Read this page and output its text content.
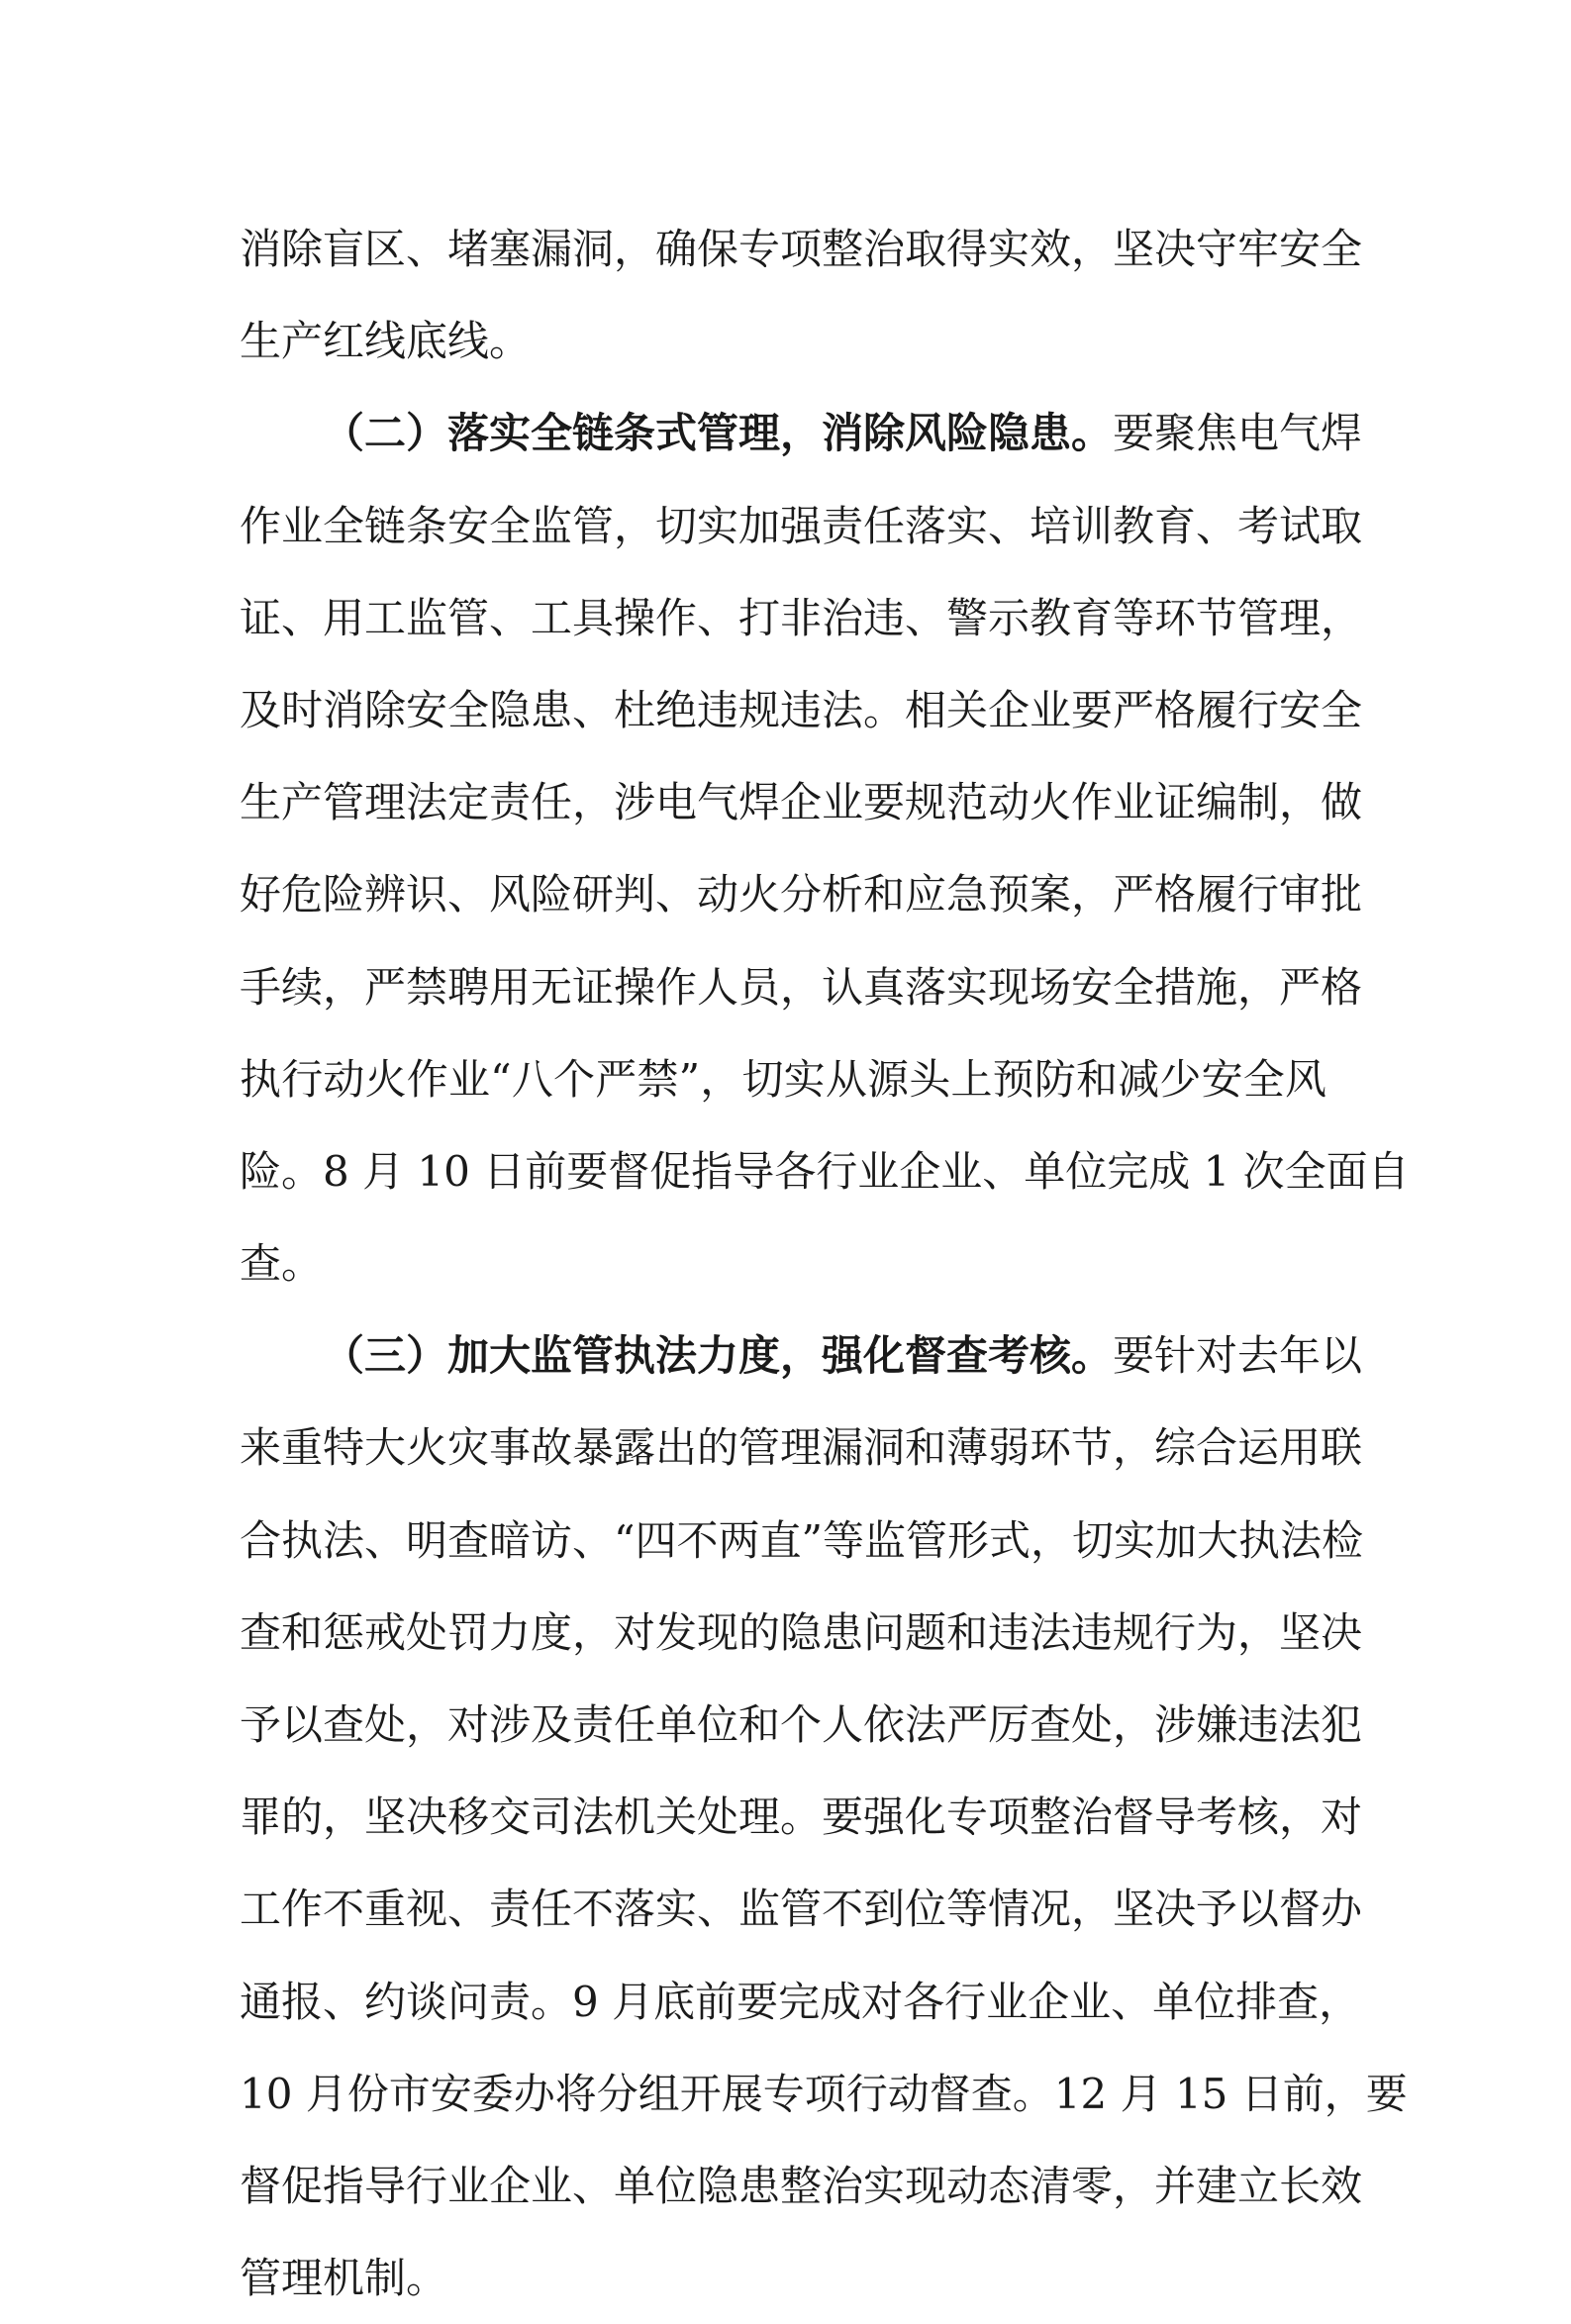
消除盲区、堵塞漏洞，确保专项整治取得实效，坚决守牢安全
生产红线底线。
（二）落实全链条式管理，消除风险隐患。要聚焦电气焊
作业全链条安全监管，切实加强责任落实、培训教育、考试取
证、用工监管、工具操作、打非治违、警示教育等环节管理，
及时消除安全隐患、杜绝违规违法。相关企业要严格履行安全
生产管理法定责任，涉电气焊企业要规范动火作业证编制，做
好危险辨识、风险研判、动火分析和应急预案，严格履行审批
手续，严禁聘用无证操作人员，认真落实现场安全措施，严格
执行动火作业“八个严禁”，切实从源头上预防和减少安全风
险。8 月 10 日前要督促指导各行业企业、单位完成 1 次全面自
查。
（三）加大监管执法力度，强化督查考核。要针对去年以
来重特大火灾事故暴露出的管理漏洞和薄弱环节，综合运用联
合执法、明查暗访、“四不两直”等监管形式，切实加大执法检
查和惩戒处罚力度，对发现的隐患问题和违法违规行为，坚决
予以查处，对涉及责任单位和个人依法严厉查处，涉嫌违法犯
罪的，坚决移交司法机关处理。要强化专项整治督导考核，对
工作不重视、责任不落实、监管不到位等情况，坚决予以督办
通报、约谈问责。9 月底前要完成对各行业企业、单位排查，
10 月份市安委办将分组开展专项行动督查。12 月 15 日前，要
督促指导行业企业、单位隐患整治实现动态清零，并建立长效
管理机制。
